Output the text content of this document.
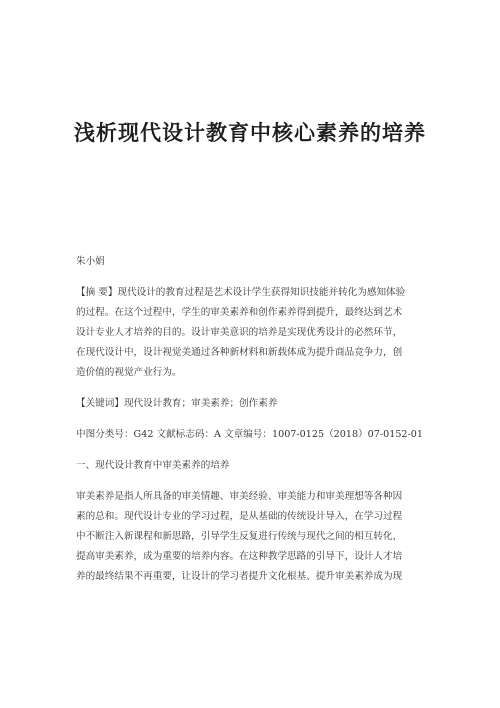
浅析现代设计教育中核心素养的培养
朱小娟
【摘 要】现代设计的教育过程是艺术设计学生获得知识技能并转化为感知体验
的过程。在这个过程中，学生的审美素养和创作素养得到提升，最终达到艺术
设计专业人才培养的目的。设计审美意识的培养是实现优秀设计的必然环节，
在现代设计中，设计视觉美通过各种新材料和新载体成为提升商品竞争力，创
造价值的视觉产业行为。
【关键词】现代设计教育；审美素养；创作素养
中图分类号：G42 文献标志码：A 文章编号：1007-0125（2018）07-0152-01
一、现代设计教育中审美素养的培养
审美素养是指人所具备的审美情趣、审美经验、审美能力和审美理想等各种因
素的总和。现代设计专业的学习过程，是从基础的传统设计导入，在学习过程
中不断注入新课程和新思路，引导学生反复进行传统与现代之间的相互转化，
提高审美素养，成为重要的培养内容。在这种教学思路的引导下，设计人才培
养的最终结果不再重要，让设计的学习者提升文化根基、提升审美素养成为现
